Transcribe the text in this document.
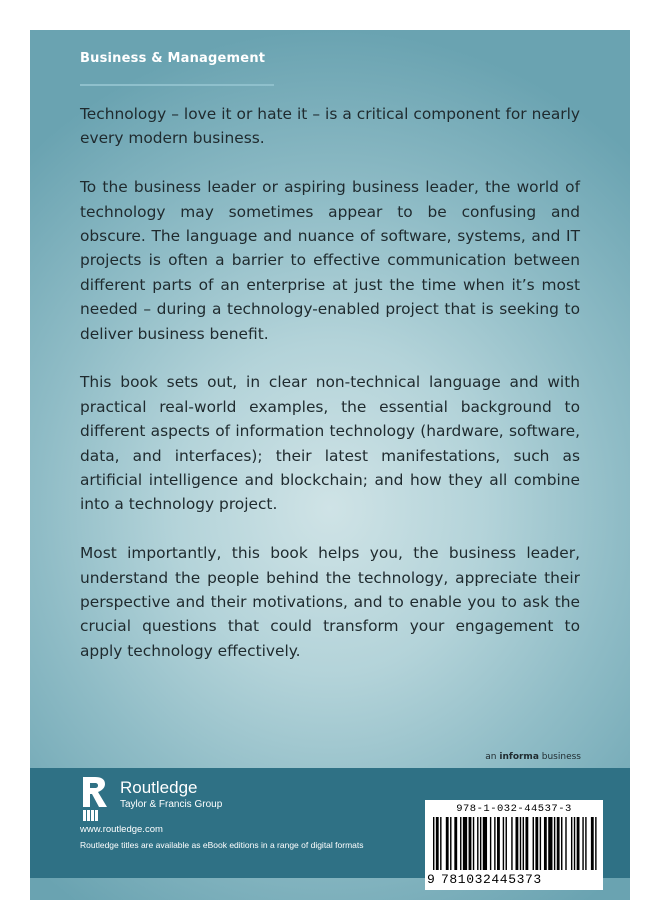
Business & Management

Technology – love it or hate it – is a critical component for nearly every modern business.

To the business leader or aspiring business leader, the world of technology may sometimes appear to be confusing and obscure. The language and nuance of software, systems, and IT projects is often a barrier to effective communication between different parts of an enterprise at just the time when it’s most needed – during a technology-enabled project that is seeking to deliver business benefit.

This book sets out, in clear non-technical language and with practical real-world examples, the essential background to different aspects of information technology (hardware, software, data, and interfaces); their latest manifestations, such as artificial intelligence and blockchain; and how they all combine into a technology project.

Most importantly, this book helps you, the business leader, understand the people behind the technology, appreciate their perspective and their motivations, and to enable you to ask the crucial questions that could transform your engagement to apply technology effectively.

an informa business
Routledge
Taylor & Francis Group
www.routledge.com
Routledge titles are available as eBook editions in a range of digital formats
978-1-032-44537-3
9 781032445373
